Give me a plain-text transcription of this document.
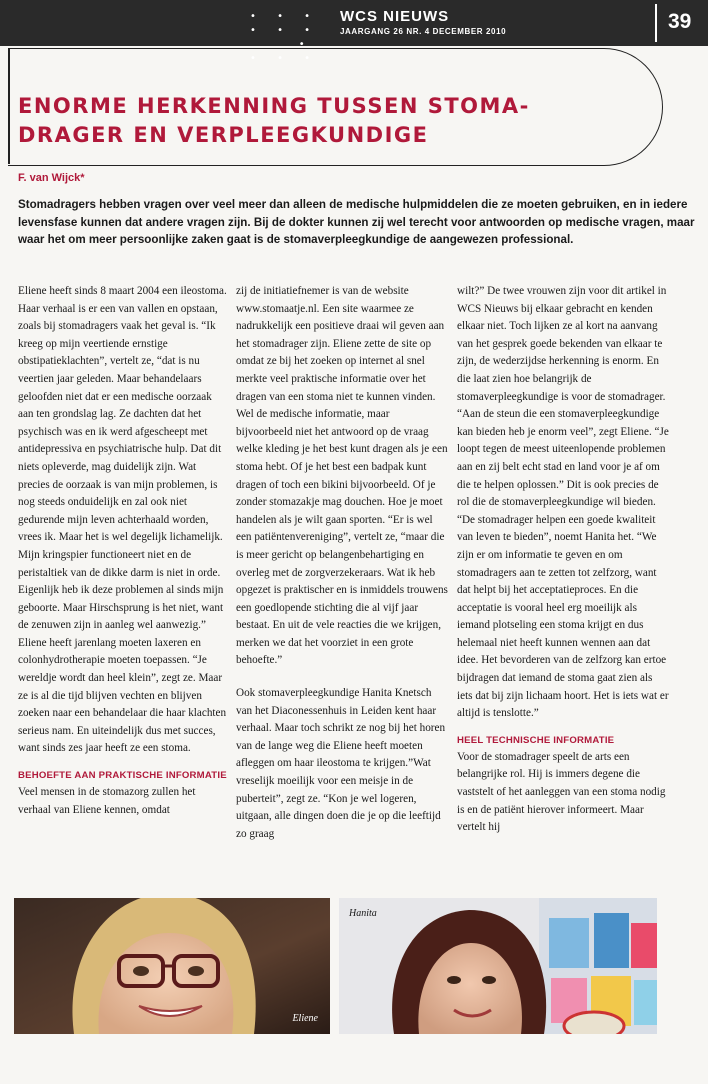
• • • • • •
• • • •
WCS NIEUWS
JAARGANG 26 NR. 4 DECEMBER 2010	39
ENORME HERKENNING TUSSEN STOMA-
DRAGER EN VERPLEEGKUNDIGE
F. van Wijck*

Stomadragers hebben vragen over veel meer dan alleen de medische hulpmiddelen die ze moeten gebruiken, en in iedere levensfase kunnen dat andere vragen zijn. Bij de dokter kunnen zij wel terecht voor antwoorden op medische vragen, maar waar het om meer persoonlijke zaken gaat is de stomaverpleegkundige de aangewezen professional.

Eliene heeft sinds 8 maart 2004 een ileostoma. Haar verhaal is er een van vallen en opstaan, zoals bij stomadragers vaak het geval is. “Ik kreeg op mijn veertiende ernstige obstipatieklachten”, vertelt ze, “dat is nu veertien jaar geleden. Maar behandelaars geloofden niet dat er een medische oorzaak aan ten grondslag lag. Ze dachten dat het psychisch was en ik werd afgescheept met antidepressiva en psychiatrische hulp. Dat dit niets opleverde, mag duidelijk zijn. Wat precies de oorzaak is van mijn problemen, is nog steeds onduidelijk en zal ook niet gedurende mijn leven achterhaald worden, vrees ik. Maar het is wel degelijk lichamelijk. Mijn kringspier functioneert niet en de peristaltiek van de dikke darm is niet in orde. Eigenlijk heb ik deze problemen al sinds mijn geboorte. Maar Hirschsprung is het niet, want de zenuwen zijn in aanleg wel aanwezig.” Eliene heeft jarenlang moeten laxeren en colonhydrotherapie moeten toepassen. “Je wereldje wordt dan heel klein”, zegt ze. Maar ze is al die tijd blijven vechten en blijven zoeken naar een behandelaar die haar klachten serieus nam. En uiteindelijk dus met succes, want sinds zes jaar heeft ze een stoma.

BEHOEFTE AAN PRAKTISCHE INFORMATIE

Veel mensen in de stomazorg zullen het verhaal van Eliene kennen, omdat

zij de initiatiefnemer is van de website www.stomaatje.nl. Een site waarmee ze nadrukkelijk een positieve draai wil geven aan het stomadrager zijn. Eliene zette de site op omdat ze bij het zoeken op internet al snel merkte veel praktische informatie over het dragen van een stoma niet te kunnen vinden. Wel de medische informatie, maar bijvoorbeeld niet het antwoord op de vraag welke kleding je het best kunt dragen als je een stoma hebt. Of je het best een badpak kunt dragen of toch een bikini bijvoorbeeld. Of je zonder stomazakje mag douchen. Hoe je moet handelen als je wilt gaan sporten. “Er is wel een patiëntenvereniging”, vertelt ze, “maar die is meer gericht op belangenbehartiging en overleg met de zorgverzekeraars. Wat ik heb opgezet is praktischer en is inmiddels trouwens een goedlopende stichting die al vijf jaar bestaat. En uit de vele reacties die we krijgen, merken we dat het voorziet in een grote behoefte.”

Ook stomaverpleegkundige Hanita Knetsch van het Diaconessenhuis in Leiden kent haar verhaal. Maar toch schrikt ze nog bij het horen van de lange weg die Eliene heeft moeten afleggen om haar ileostoma te krijgen.”Wat vreselijk moeilijk voor een meisje in de puberteit”, zegt ze. “Kon je wel logeren, uitgaan, alle dingen doen die je op die leeftijd zo graag

wilt?” De twee vrouwen zijn voor dit artikel in WCS Nieuws bij elkaar gebracht en kenden elkaar niet. Toch lijken ze al kort na aanvang van het gesprek goede bekenden van elkaar te zijn, de wederzijdse herkenning is enorm. En die laat zien hoe belangrijk de stomaverpleegkundige is voor de stomadrager. “Aan de steun die een stomaverpleegkundige kan bieden heb je enorm veel”, zegt Eliene. “Je loopt tegen de meest uiteenlopende problemen aan en zij belt echt stad en land voor je af om die te helpen oplossen.” Dit is ook precies de rol die de stomaverpleegkundige wil bieden. “De stomadrager helpen een goede kwaliteit van leven te bieden”, noemt Hanita het. “We zijn er om informatie te geven en om stomadragers aan te zetten tot zelfzorg, want dat helpt bij het acceptatieproces. En die acceptatie is vooral heel erg moeilijk als iemand plotseling een stoma krijgt en dus helemaal niet heeft kunnen wennen aan dat idee. Het bevorderen van de zelfzorg kan ertoe bijdragen dat iemand de stoma gaat zien als iets dat bij zijn lichaam hoort. Het is iets wat er altijd is tenslotte.”

HEEL TECHNISCHE INFORMATIE

Voor de stomadrager speelt de arts een belangrijke rol. Hij is immers degene die vaststelt of het aanleggen van een stoma nodig is en de patiënt hierover informeert. Maar vertelt hij

Eliene
Hanita
